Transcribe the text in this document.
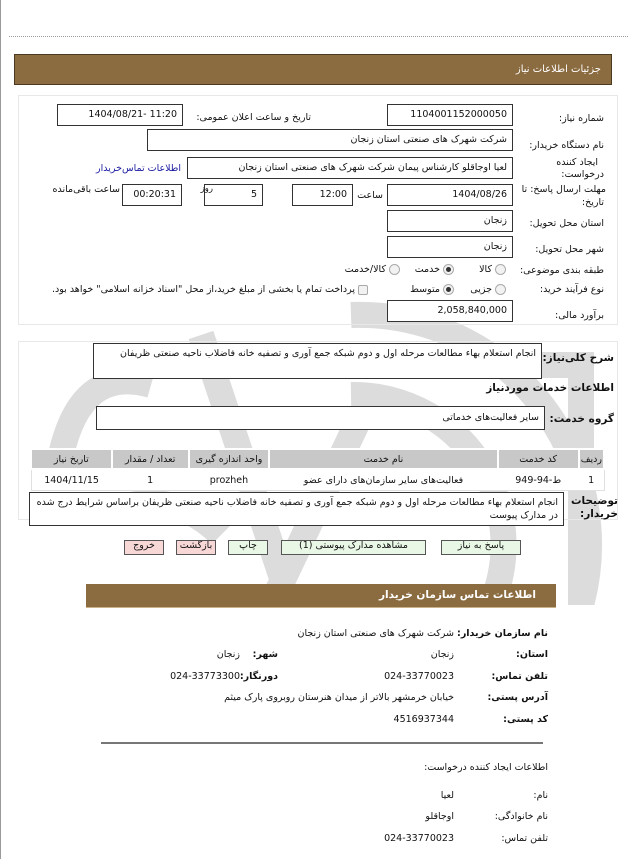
جزئیات اطلاعات نیاز
شماره نیاز:
1104001152000050
تاریخ و ساعت اعلان عمومی:
1404/08/21- 11:20
نام دستگاه خریدار:
شرکت شهرک های صنعتی استان زنجان
ایجاد کننده
درخواست:
لعیا اوجاقلو کارشناس پیمان شرکت شهرک های صنعتی استان زنجان
اطلاعات تماس‌خریدار
مهلت ارسال پاسخ: تا
تاریخ:
1404/08/26
ساعت
12:00
5
روز
00:20:31
ساعت باقی‌مانده
استان محل تحویل:
زنجان
شهر محل تحویل:
زنجان
طبقه بندی موضوعی:
کالا
خدمت
کالا/خدمت
نوع فرآیند خرید:
جزیی
متوسط
پرداخت تمام یا بخشی از مبلغ خرید،از محل "اسناد خزانه اسلامی" خواهد بود.
برآورد مالی:
2,058,840,000
شرح کلی‌نیاز:
انجام استعلام بهاء مطالعات مرحله اول و دوم شبکه جمع آوری و تصفیه خانه فاضلاب ناحیه صنعتی ظریفان
اطلاعات خدمات موردنیاز
گروه خدمت:
سایر فعالیت‌های خدماتی
ردیف	کد خدمت	نام خدمت	واحد اندازه گیری	تعداد / مقدار	تاریخ نیاز
1	ط-94-949	فعالیت‌های سایر سازمان‌های دارای عضو	prozheh	1	1404/11/15
توضیحات
خریدار:
انجام استعلام بهاء مطالعات مرحله اول و دوم شبکه جمع آوری و تصفیه خانه فاضلاب ناحیه صنعتی ظریفان براساس شرایط درج شده در مدارک پیوست
پاسخ به نیاز
مشاهده مدارک پیوستی (1)
چاپ
بازگشت
خروج
اطلاعات تماس سازمان خریدار
نام سازمان خریدار:
شرکت شهرک های صنعتی استان زنجان
استان:
زنجان
شهر:
زنجان
تلفن تماس:
024-33770023
دورنگار:
024-33773300
آدرس پستی:
خیابان خرمشهر بالاتر از میدان هنرستان روبروی پارک میثم
کد پستی:
4516937344
اطلاعات ایجاد کننده درخواست:
نام:
لعیا
نام خانوادگی:
اوجاقلو
تلفن تماس:
024-33770023
